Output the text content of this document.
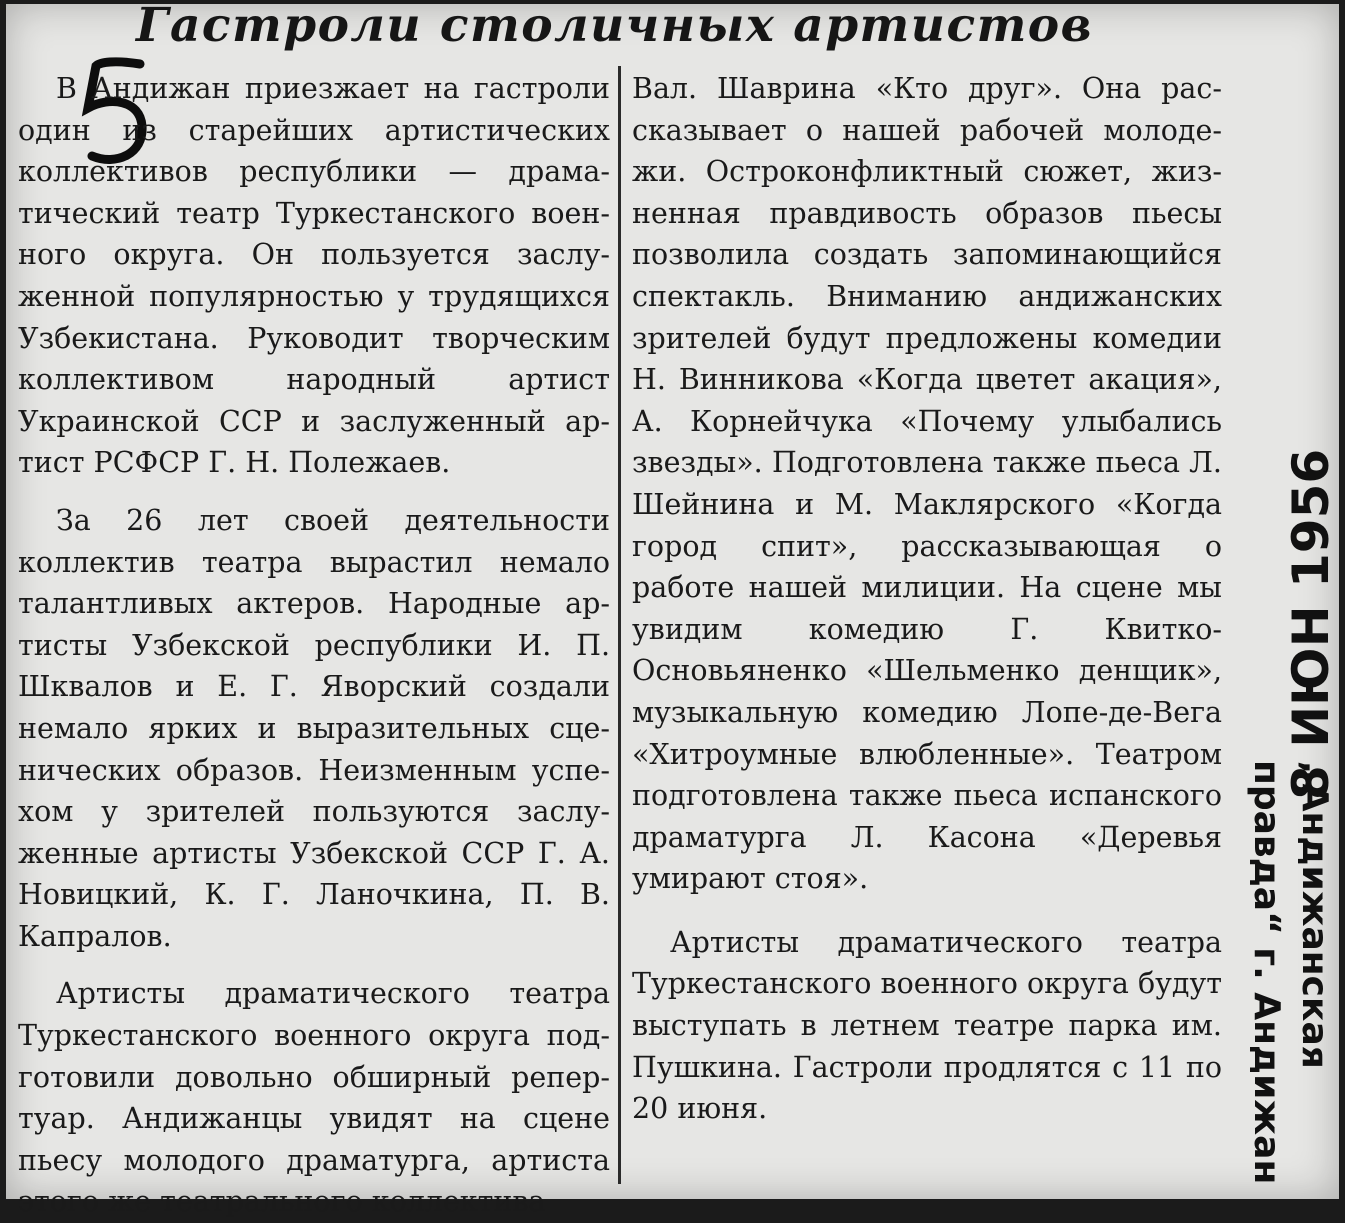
Гастроли столичных артистов

В Андижан приезжает на гастроли один из старейших артистических коллективов республики — драматический театр Туркестанского военного округа. Он пользуется заслуженной популярностью у трудящихся Узбекистана. Руководит творческим коллективом народный артист Украинской ССР и заслуженный артист РСФСР Г. Н. Полежаев.

За 26 лет своей деятельности коллектив театра вырастил немало талантливых актеров. Народные артисты Узбекской республики И. П. Шквалов и Е. Г. Яворский создали немало ярких и выразительных сценических образов. Неизменным успехом у зрителей пользуются заслуженные артисты Узбекской ССР Г. А. Новицкий, К. Г. Ланочкина, П. В. Капралов.

Артисты драматического театра Туркестанского военного округа подготовили довольно обширный репертуар. Андижанцы увидят на сцене пьесу молодого драматурга, артиста этого же театрального коллектива

Вал. Шаврина «Кто друг». Она рассказывает о нашей рабочей молодежи. Остроконфликтный сюжет, жизненная правдивость образов пьесы позволила создать запоминающийся спектакль. Вниманию андижанских зрителей будут предложены комедии Н. Винникова «Когда цветет акация», А. Корнейчука «Почему улыбались звезды». Подготовлена также пьеса Л. Шейнина и М. Маклярского «Когда город спит», рассказывающая о работе нашей милиции. На сцене мы увидим комедию Г. Квитко-Основьяненко «Шельменко денщик», музыкальную комедию Лопе-де-Вега «Хитроумные влюбленные». Театром подготовлена также пьеса испанского драматурга Л. Касона «Деревья умирают стоя».

Артисты драматического театра Туркестанского военного округа будут выступать в летнем театре парка им. Пушкина. Гастроли продлятся с 11 по 20 июня.

8 ИЮН 1956
„Андижанская правда“ г. Андижан
